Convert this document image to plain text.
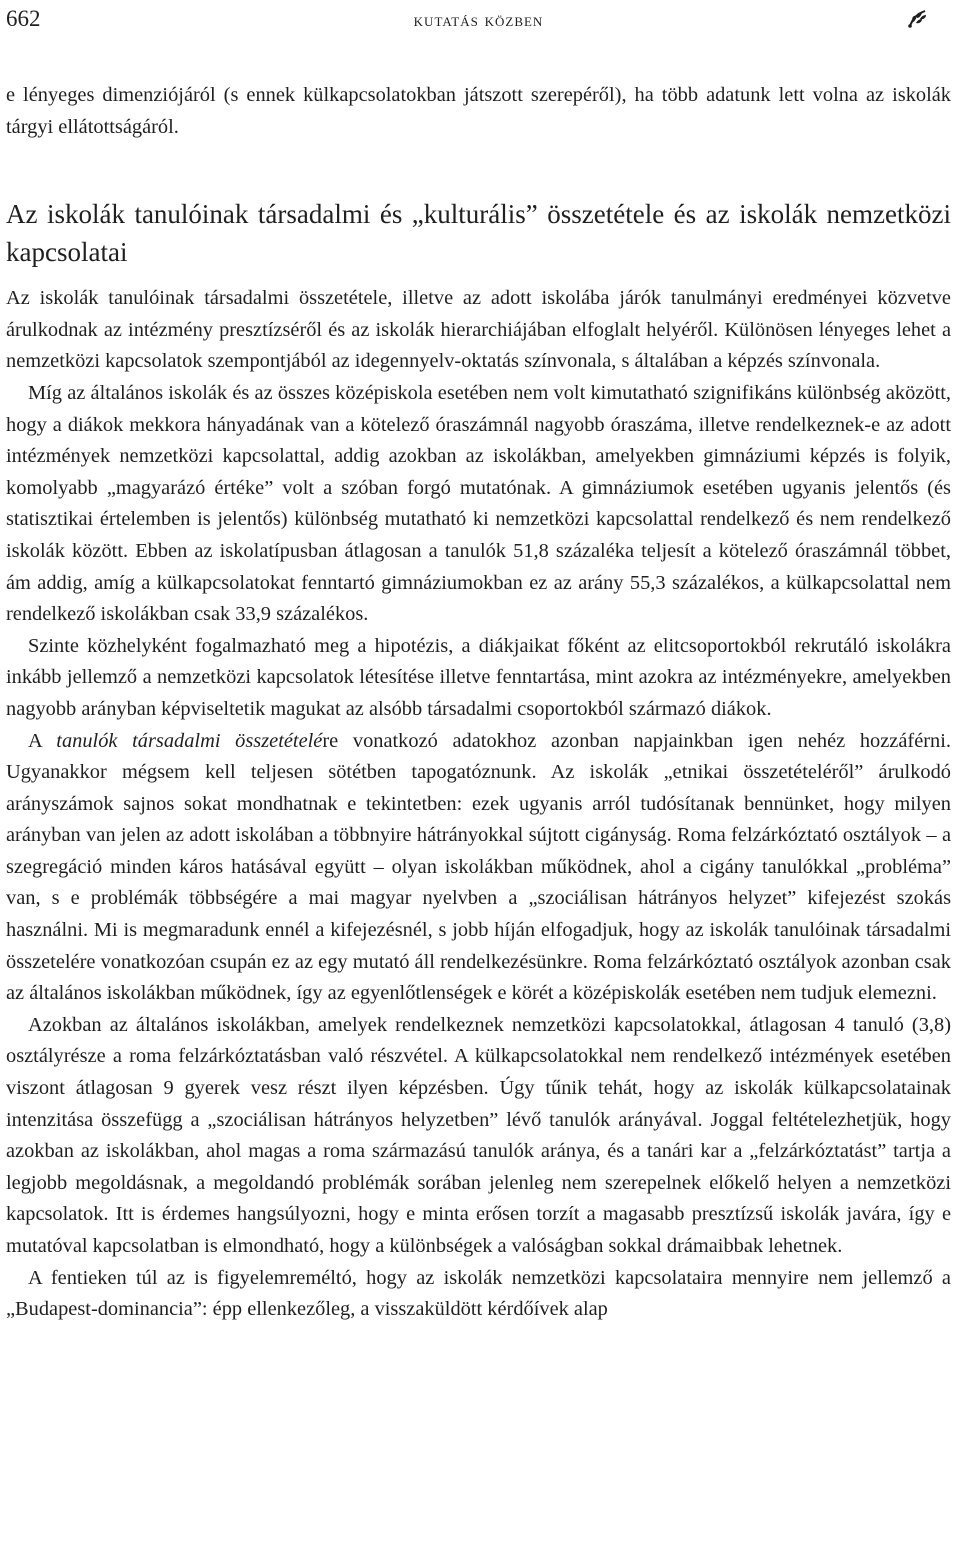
662	kutatás közben

e lényeges dimenziójáról (s ennek külkapcsolatokban játszott szerepéről), ha több adatunk lett volna az iskolák tárgyi ellátottságáról.

Az iskolák tanulóinak társadalmi és „kulturális” összetétele és az iskolák nemzetközi kapcsolatai

Az iskolák tanulóinak társadalmi összetétele, illetve az adott iskolába járók tanulmányi eredményei közvetve árulkodnak az intézmény presztízséről és az iskolák hierarchiájában elfoglalt helyéről. Különösen lényeges lehet a nemzetközi kapcsolatok szempontjából az idegennyelv-oktatás színvonala, s általában a képzés színvonala.

Míg az általános iskolák és az összes középiskola esetében nem volt kimutatható szignifikáns különbség aközött, hogy a diákok mekkora hányadának van a kötelező óraszámnál nagyobb óraszáma, illetve rendelkeznek-e az adott intézmények nemzetközi kapcsolattal, addig azokban az iskolákban, amelyekben gimnáziumi képzés is folyik, komolyabb „magyarázó értéke” volt a szóban forgó mutatónak. A gimnáziumok esetében ugyanis jelentős (és statisztikai értelemben is jelentős) különbség mutatható ki nemzetközi kapcsolattal rendelkező és nem rendelkező iskolák között. Ebben az iskolatípusban átlagosan a tanulók 51,8 százaléka teljesít a kötelező óraszámnál többet, ám addig, amíg a külkapcsolatokat fenntartó gimnáziumokban ez az arány 55,3 százalékos, a külkapcsolattal nem rendelkező iskolákban csak 33,9 százalékos.

Szinte közhelyként fogalmazható meg a hipotézis, a diákjaikat főként az elitcsoportokból rekrutáló iskolákra inkább jellemző a nemzetközi kapcsolatok létesítése illetve fenntartása, mint azokra az intézményekre, amelyekben nagyobb arányban képviseltetik magukat az alsóbb társadalmi csoportokból származó diákok.

A tanulók társadalmi összetételére vonatkozó adatokhoz azonban napjainkban igen nehéz hozzáférni. Ugyanakkor mégsem kell teljesen sötétben tapogatóznunk. Az iskolák „etnikai összetételéről” árulkodó arányszámok sajnos sokat mondhatnak e tekintetben: ezek ugyanis arról tudósítanak bennünket, hogy milyen arányban van jelen az adott iskolában a többnyire hátrányokkal sújtott cigányság. Roma felzárkóztató osztályok – a szegregáció minden káros hatásával együtt – olyan iskolákban működnek, ahol a cigány tanulókkal „probléma” van, s e problémák többségére a mai magyar nyelvben a „szociálisan hátrányos helyzet” kifejezést szokás használni. Mi is megmaradunk ennél a kifejezésnél, s jobb híján elfogadjuk, hogy az iskolák tanulóinak társadalmi összetelére vonatkozóan csupán ez az egy mutató áll rendelkezésünkre. Roma felzárkóztató osztályok azonban csak az általános iskolákban működnek, így az egyenlőtlenségek e körét a középiskolák esetében nem tudjuk elemezni.

Azokban az általános iskolákban, amelyek rendelkeznek nemzetközi kapcsolatokkal, átlagosan 4 tanuló (3,8) osztályrésze a roma felzárkóztatásban való részvétel. A külkapcsolatokkal nem rendelkező intézmények esetében viszont átlagosan 9 gyerek vesz részt ilyen képzésben. Úgy tűnik tehát, hogy az iskolák külkapcsolatainak intenzitása összefügg a „szociálisan hátrányos helyzetben” lévő tanulók arányával. Joggal feltételezhetjük, hogy azokban az iskolákban, ahol magas a roma származású tanulók aránya, és a tanári kar a „felzárkóztatást” tartja a legjobb megoldásnak, a megoldandó problémák sorában jelenleg nem szerepelnek előkelő helyen a nemzetközi kapcsolatok. Itt is érdemes hangsúlyozni, hogy e minta erősen torzít a magasabb presztízsű iskolák javára, így e mutatóval kapcsolatban is elmondható, hogy a különbségek a valóságban sokkal drámaibbak lehetnek.

A fentieken túl az is figyelemreméltó, hogy az iskolák nemzetközi kapcsolataira mennyire nem jellemző a „Budapest-dominancia”: épp ellenkezőleg, a visszaküldött kérdőívek alap
